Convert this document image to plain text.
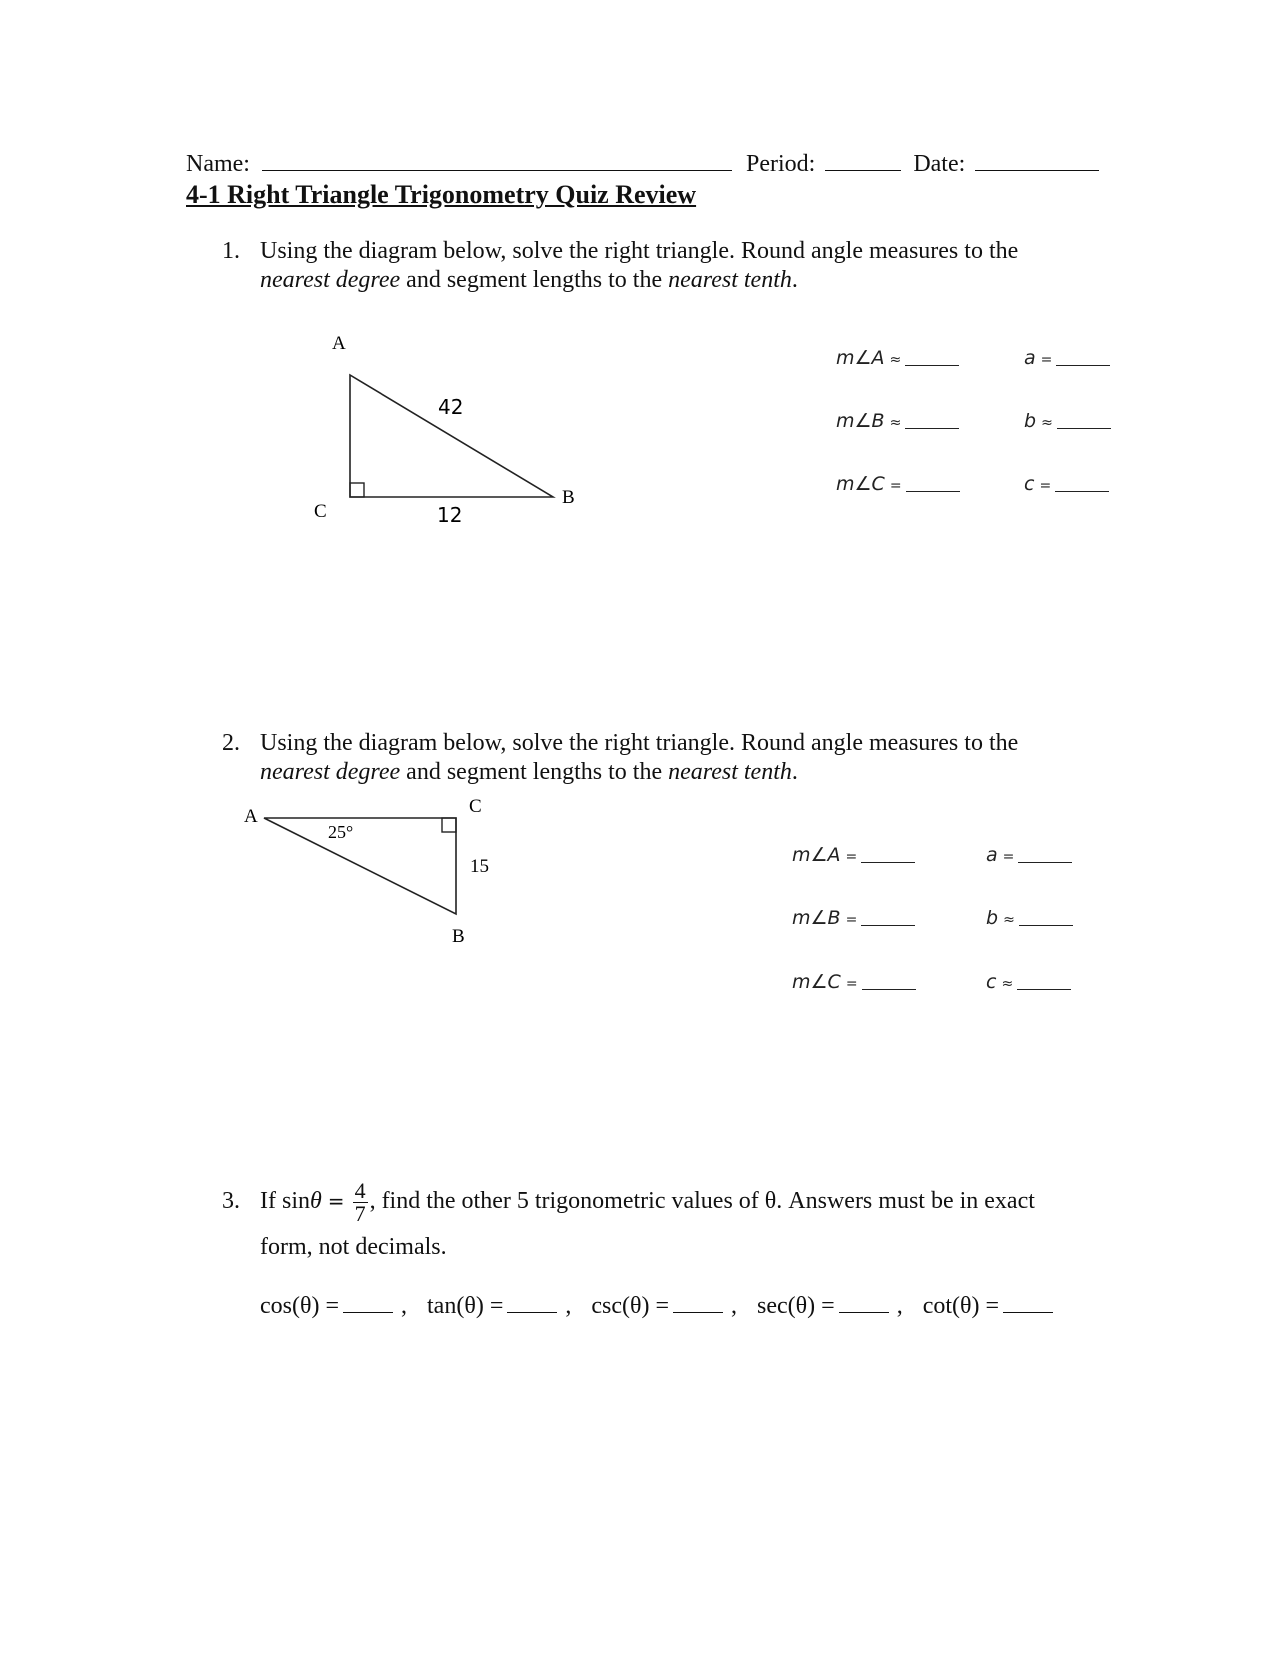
Name:	Period:	Date:
4-1 Right Triangle Trigonometry Quiz Review
1. Using the diagram below, solve the right triangle. Round angle measures to the
nearest degree and segment lengths to the nearest tenth.
A
C
B
42
12
m∠A ≈	a =
m∠B ≈	b ≈
m∠C =	c =
2. Using the diagram below, solve the right triangle. Round angle measures to the
nearest degree and segment lengths to the nearest tenth.
A	C
B
25°
15
m∠A =	a =
m∠B =	b ≈
m∠C =	c ≈
3. If $\sin\theta = \frac{4}{7}$ , find the other 5 trigonometric values of θ. Answers must be in exact
form, not decimals.
cos(θ) =	, tan(θ) =	, csc(θ) =	, sec(θ) =	, cot(θ) =
